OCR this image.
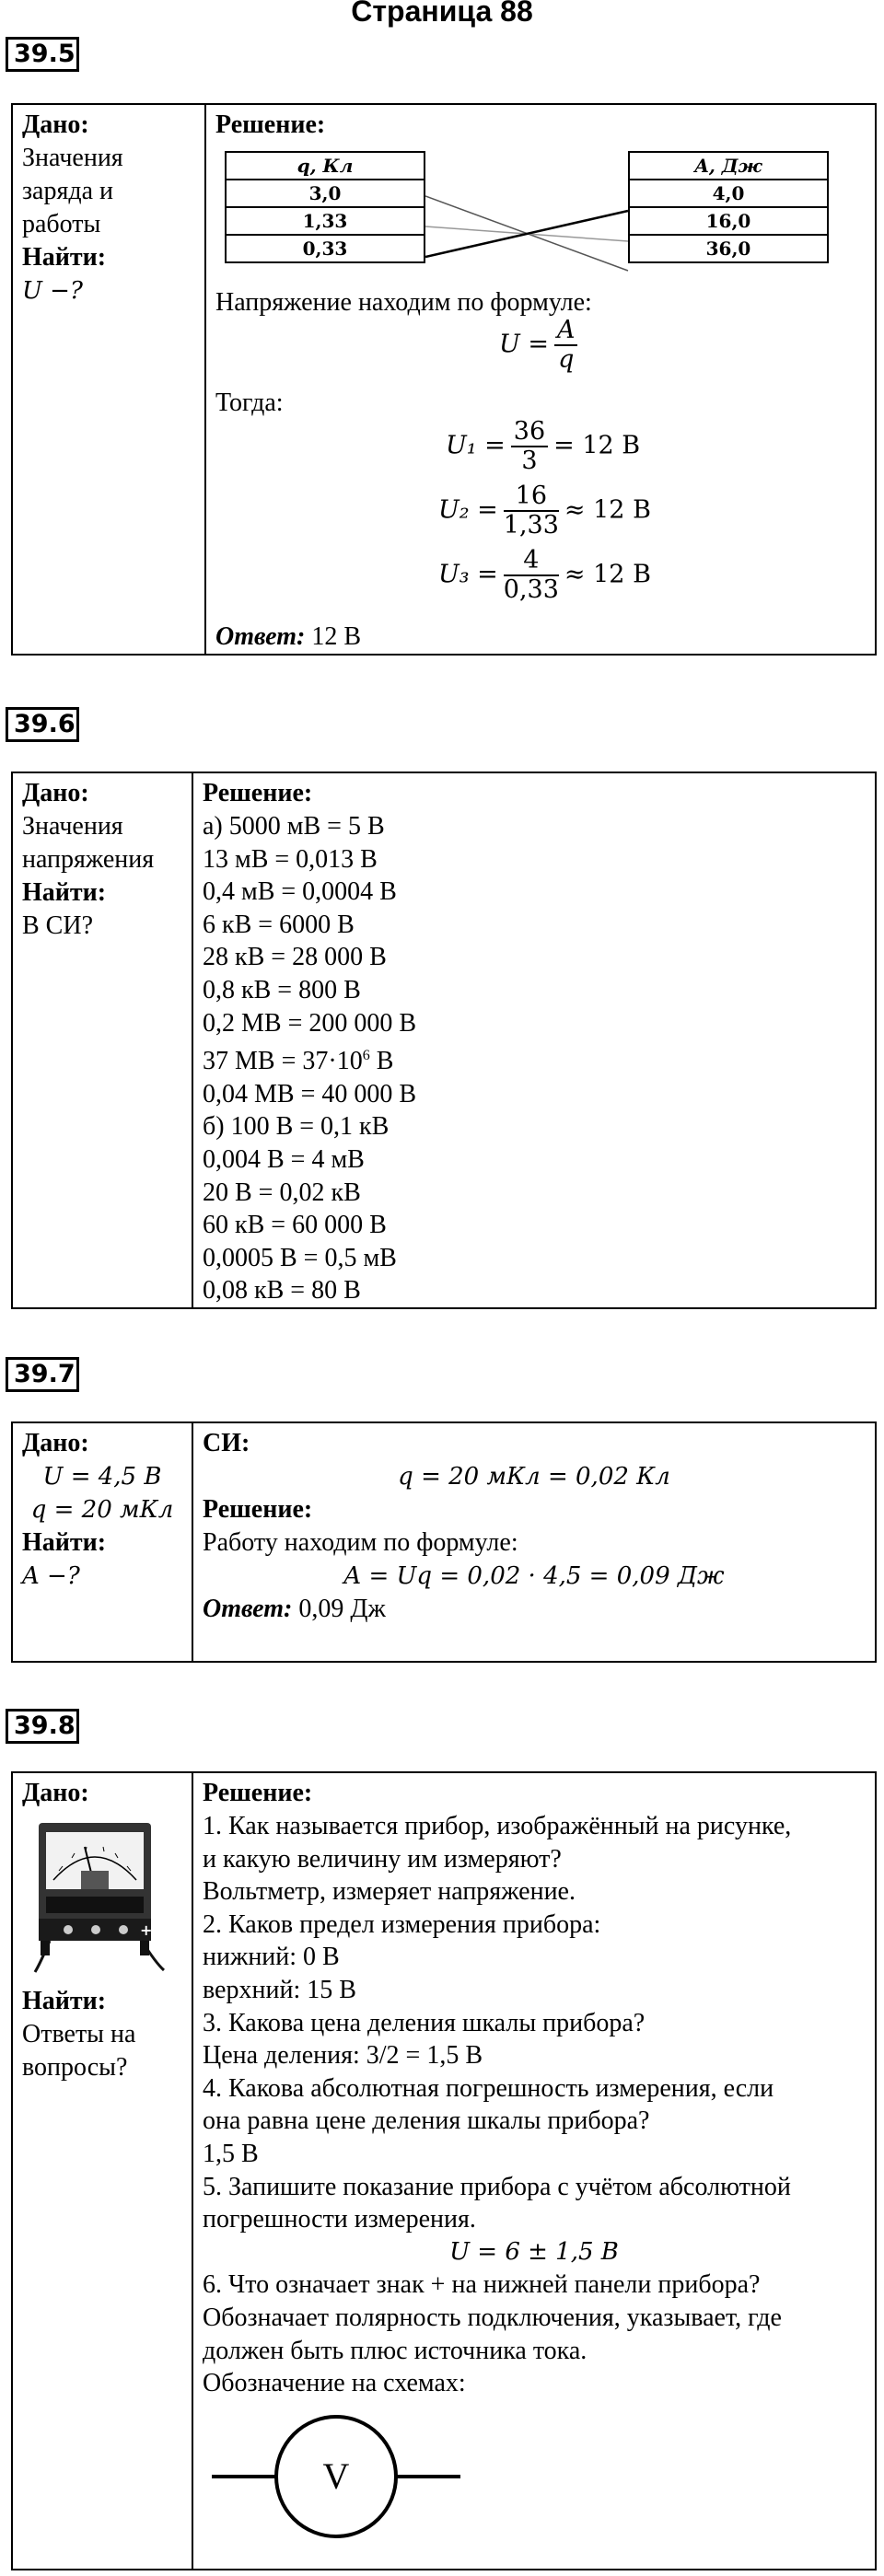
Страница 88
39.5
Дано:
Значения
заряда и
работы
Найти:
U −?
Решение:
q, Кл
3,0
1,33
0,33
A, Дж
4,0
16,0
36,0
Напряжение находим по формуле:
$U = \frac{A}{q}$
Тогда:
$U_1 = \frac{36}{3} = 12$ В
$U_2 = \frac{16}{1,33} \approx 12$ В
$U_3 = \frac{4}{0,33} \approx 12$ В
Ответ: 12 В
39.6
Дано:
Значения
напряжения
Найти:
В СИ?
Решение:
а) 5000 мВ = 5 В
13 мВ = 0,013 В
0,4 мВ = 0,0004 В
6 кВ = 6000 В
28 кВ = 28 000 В
0,8 кВ = 800 В
0,2 МВ = 200 000 В
37 МВ = $37\cdot 10^6$ В
0,04 МВ = 40 000 В
б) 100 В = 0,1 кВ
0,004 В = 4 мВ
20 В = 0,02 кВ
60 кВ = 60 000 В
0,0005 В = 0,5 мВ
0,08 кВ = 80 В
39.7
Дано:
U = 4,5 В
q = 20 мКл
Найти:
A −?
СИ:
q = 20 мКл = 0,02 Кл
Решение:
Работу находим по формуле:
A = Uq = 0,02 · 4,5 = 0,09 Дж
Ответ: 0,09 Дж
39.8
Дано:
+
Найти:
Ответы на
вопросы?
Решение:
1. Как называется прибор, изображённый на рисунке,
и какую величину им измеряют?
Вольтметр, измеряет напряжение.
2. Каков предел измерения прибора:
нижний: 0 В
верхний: 15 В
3. Какова цена деления шкалы прибора?
Цена деления: 3/2 = 1,5 В
4. Какова абсолютная погрешность измерения, если
она равна цене деления шкалы прибора?
1,5 В
5. Запишите показание прибора с учётом абсолютной
погрешности измерения.
U = 6 ± 1,5 В
6. Что означает знак + на нижней панели прибора?
Обозначает полярность подключения, указывает, где
должен быть плюс источника тока.
Обозначение на схемах:
V
